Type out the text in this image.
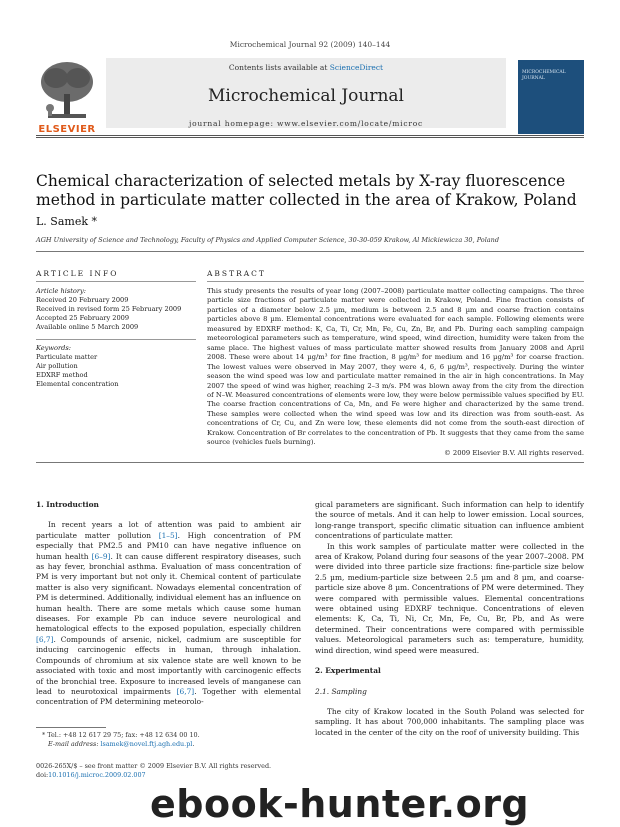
Microchemical Journal 92 (2009) 140–144
Contents lists available at ScienceDirect
Microchemical Journal
journal homepage: www.elsevier.com/locate/microc
ELSEVIER
MICROCHEMICAL JOURNAL
Chemical characterization of selected metals by X-ray fluorescence method in particulate matter collected in the area of Krakow, Poland
L. Samek *
AGH University of Science and Technology, Faculty of Physics and Applied Computer Science, 30-30-059 Krakow, Al Mickiewicza 30, Poland
ARTICLE INFO	ABSTRACT
Article history:
Received 20 February 2009
Received in revised form 25 February 2009
Accepted 25 February 2009
Available online 5 March 2009
Keywords:
Particulate matter
Air pollution
EDXRF method
Elemental concentration
This study presents the results of year long (2007–2008) particulate matter collecting campaigns. The three particle size fractions of particulate matter were collected in Krakow, Poland. Fine fraction consists of particles of a diameter below 2.5 µm, medium is between 2.5 and 8 µm and coarse fraction contains particles above 8 µm. Elemental concentrations were evaluated for each sample. Following elements were measured by EDXRF method: K, Ca, Ti, Cr, Mn, Fe, Cu, Zn, Br, and Pb. During each sampling campaign meteorological parameters such as temperature, wind speed, wind direction, humidity were taken from the same place. The highest values of mass particulate matter showed results from January 2008 and April 2008. These were about 14 µg/m³ for fine fraction, 8 µg/m³ for medium and 16 µg/m³ for coarse fraction. The lowest values were observed in May 2007, they were 4, 6, 6 µg/m³, respectively. During the winter season the wind speed was low and particulate matter remained in the air in high concentrations. In May 2007 the speed of wind was higher, reaching 2–3 m/s. PM was blown away from the city from the direction of N–W. Measured concentrations of elements were low, they were below permissible values specified by EU. The coarse fraction concentrations of Ca, Mn, and Fe were higher and characterized by the same trend. These samples were collected when the wind speed was low and its direction was from south-east. As concentrations of Cr, Cu, and Zn were low, these elements did not come from the south-east direction of Krakow. Concentration of Br correlates to the concentration of Pb. It suggests that they came from the same source (vehicles fuels burning).
© 2009 Elsevier B.V. All rights reserved.
1. Introduction

In recent years a lot of attention was paid to ambient air particulate matter pollution [1–5]. High concentration of PM especially that PM2.5 and PM10 can have negative influence on human health [6–9]. It can cause different respiratory diseases, such as hay fever, bronchial asthma. Evaluation of mass concentration of PM is very important but not only it. Chemical content of particulate matter is also very significant. Nowadays elemental concentration of PM is determined. Additionally, individual element has an influence on human health. There are some metals which cause some human diseases. For example Pb can induce severe neurological and hematological effects to the exposed population, especially children [6,7]. Compounds of arsenic, nickel, cadmium are susceptible for inducing carcinogenic effects in human, through inhalation. Compounds of chromium at six valence state are well known to be associated with toxic and most importantly with carcinogenic effects of the bronchial tree. Exposure to increased levels of manganese can lead to neurotoxical impairments [6,7]. Together with elemental concentration of PM determining meteorolo-

gical parameters are significant. Such information can help to identify the source of metals. And it can help to lower emission. Local sources, long-range transport, specific climatic situation can influence ambient concentrations of particulate matter.

In this work samples of particulate matter were collected in the area of Krakow, Poland during four seasons of the year 2007–2008. PM were divided into three particle size fractions: fine-particle size below 2.5 µm, medium-particle size between 2.5 µm and 8 µm, and coarse-particle size above 8 µm. Concentrations of PM were determined. They were compared with permissible values. Elemental concentrations were obtained using EDXRF technique. Concentrations of eleven elements: K, Ca, Ti, Ni, Cr, Mn, Fe, Cu, Br, Pb, and As were determined. Their concentrations were compared with permissible values. Meteorological parameters such as: temperature, humidity, wind direction, wind speed were measured.

2. Experimental
2.1. Sampling

The city of Krakow located in the South Poland was selected for sampling. It has about 700,000 inhabitants. The sampling place was located in the center of the city on the roof of university building. This

* Tel.: +48 12 617 29 75; fax: +48 12 634 00 10.
E-mail address: lsamek@novel.ftj.agh.edu.pl.
0026-265X/$ – see front matter © 2009 Elsevier B.V. All rights reserved.
doi:10.1016/j.microc.2009.02.007
ebook-hunter.org
